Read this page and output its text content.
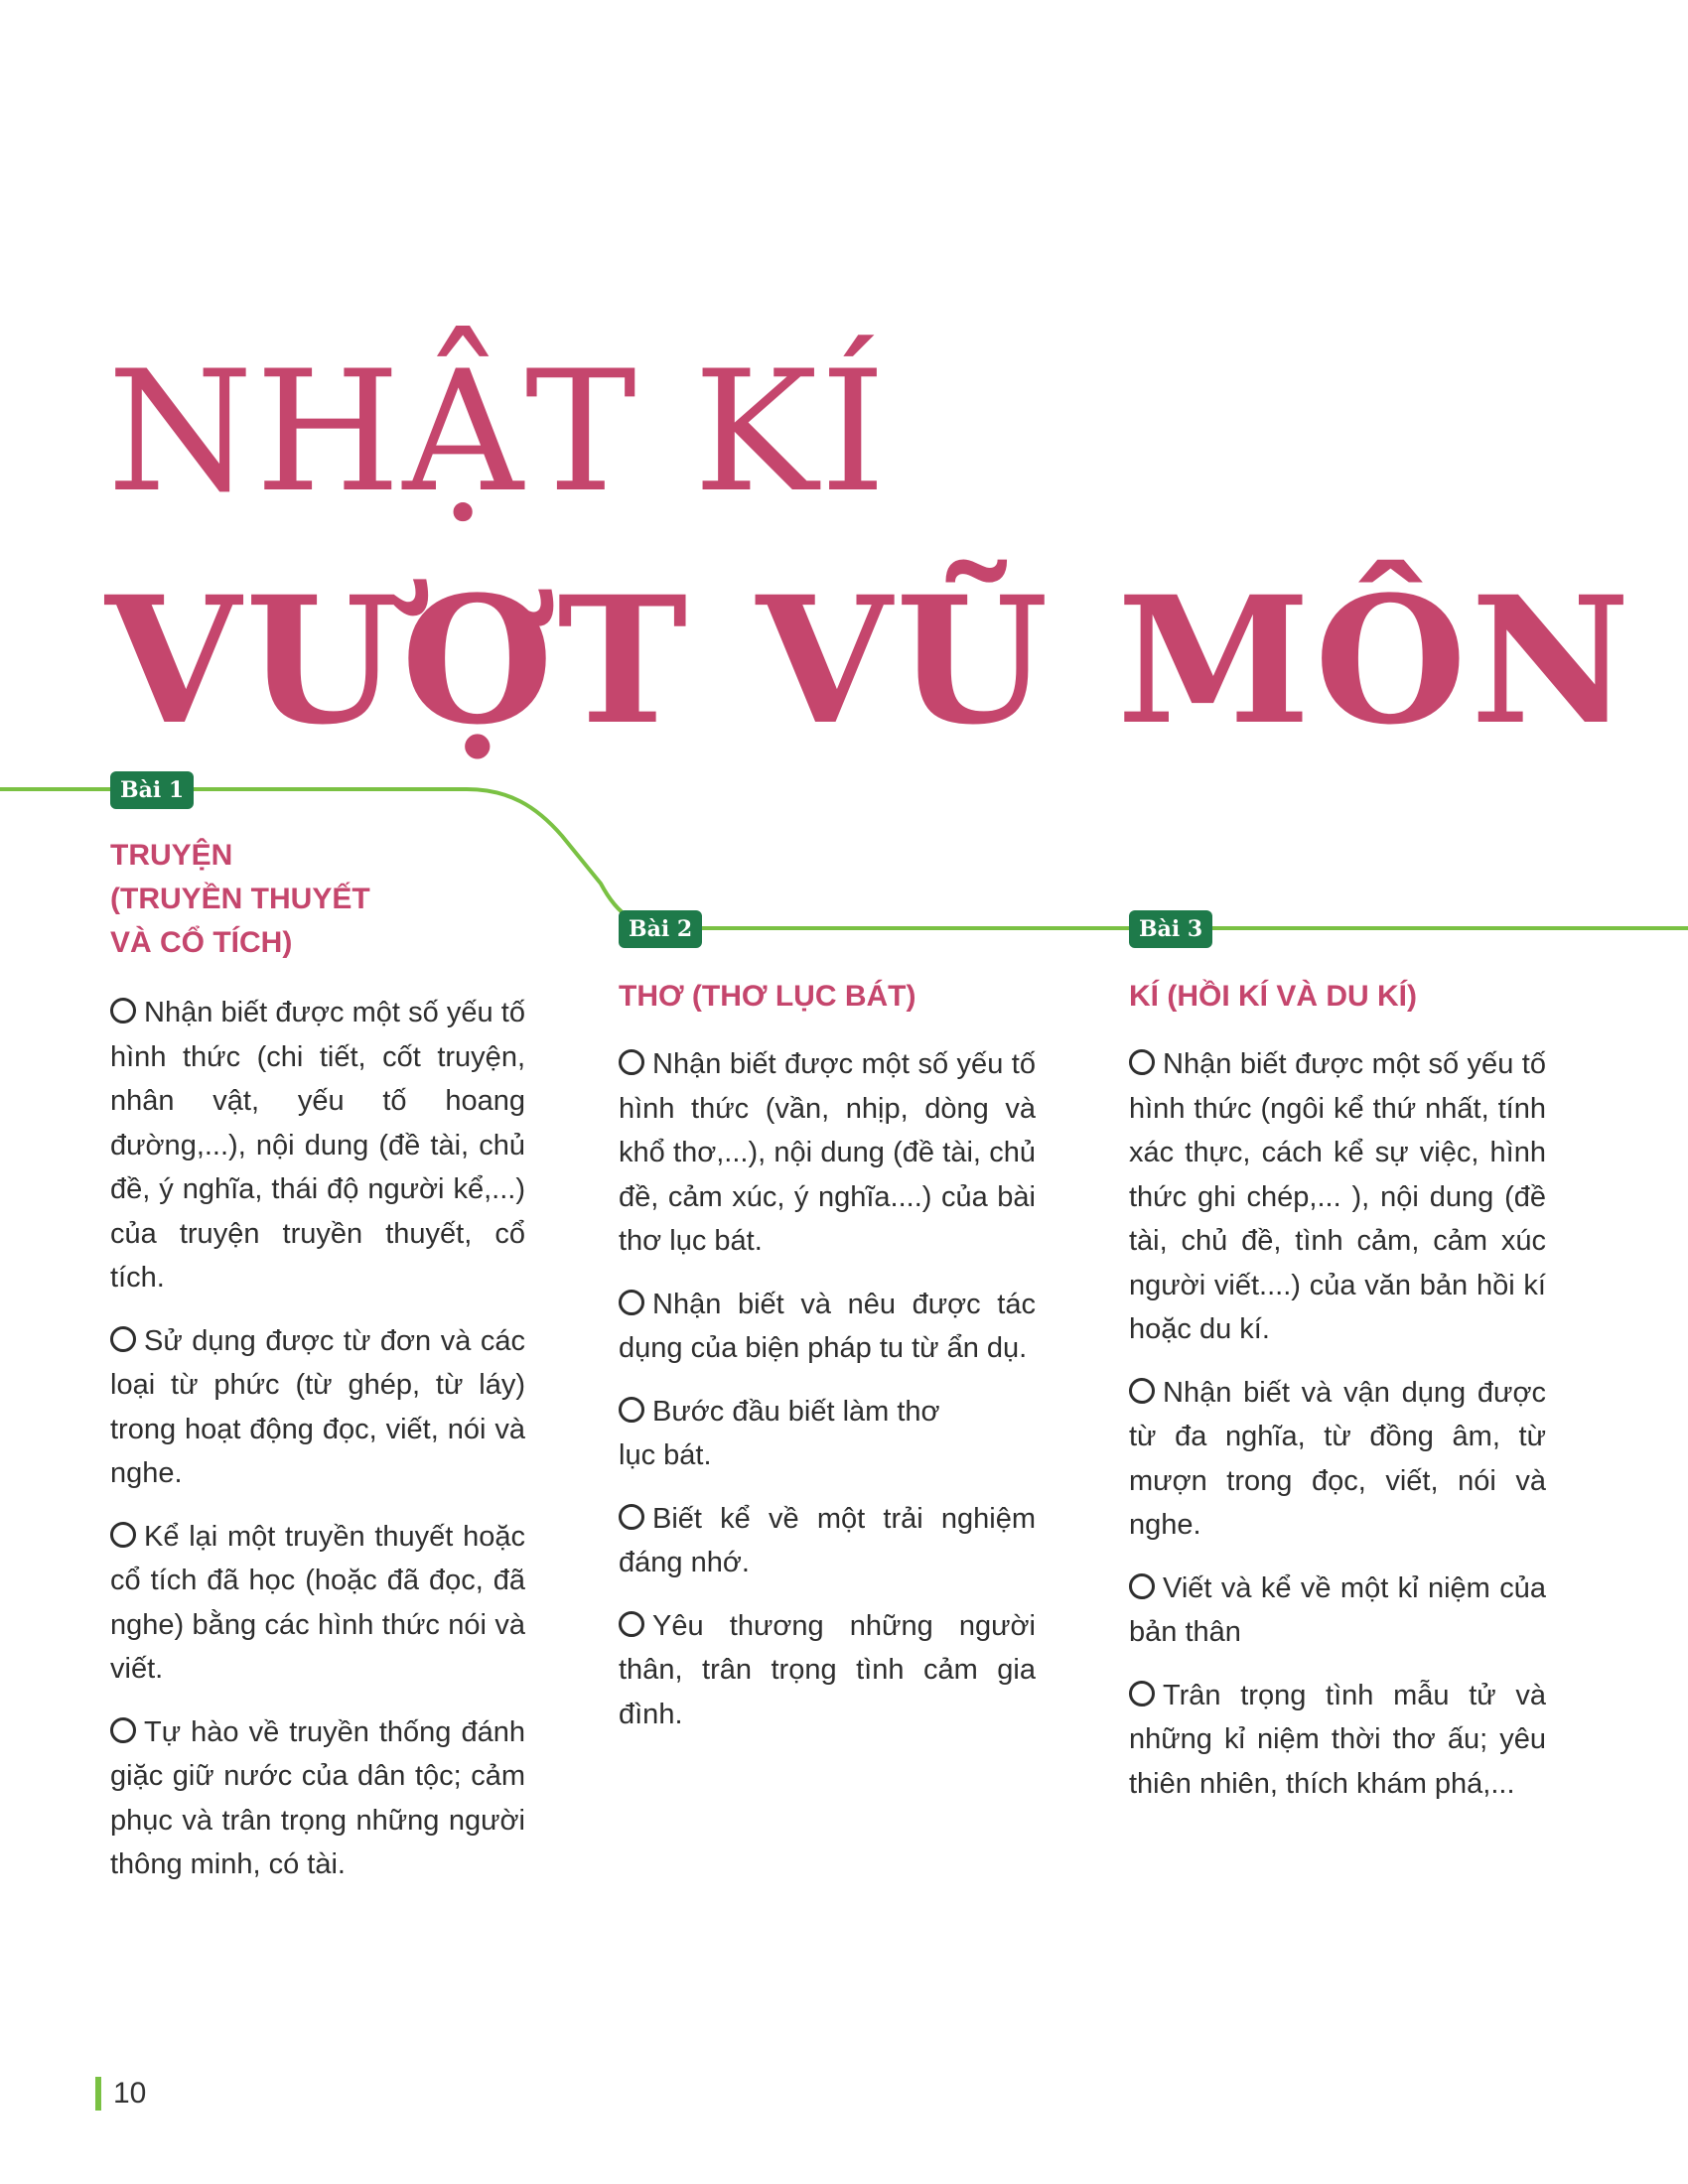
NHẬT KÍ
VƯỢT VŨ MÔN
Bài 1
TRUYỆN
(TRUYỀN THUYẾT
VÀ CỔ TÍCH)
Nhận biết được một số yếu tố hình thức (chi tiết, cốt truyện, nhân vật, yếu tố hoang đường,...), nội dung (đề tài, chủ đề, ý nghĩa, thái độ người kể,...) của truyện truyền thuyết, cổ tích.
Sử dụng được từ đơn và các loại từ phức (từ ghép, từ láy) trong hoạt động đọc, viết, nói và nghe.
Kể lại một truyền thuyết hoặc cổ tích đã học (hoặc đã đọc, đã nghe) bằng các hình thức nói và viết.
Tự hào về truyền thống đánh giặc giữ nước của dân tộc; cảm phục và trân trọng những người thông minh, có tài.
Bài 2
THƠ (THƠ LỤC BÁT)
Nhận biết được một số yếu tố hình thức (vần, nhịp, dòng và khổ thơ,...), nội dung (đề tài, chủ đề, cảm xúc, ý nghĩa....) của bài thơ lục bát.
Nhận biết và nêu được tác dụng của biện pháp tu từ ẩn dụ.
Bước đầu biết làm thơ lục bát.
Biết kể về một trải nghiệm đáng nhớ.
Yêu thương những người thân, trân trọng tình cảm gia đình.
Bài 3
KÍ (HỒI KÍ VÀ DU KÍ)
Nhận biết được một số yếu tố hình thức (ngôi kể thứ nhất, tính xác thực, cách kể sự việc, hình thức ghi chép,... ), nội dung (đề tài, chủ đề, tình cảm, cảm xúc người viết....) của văn bản hồi kí hoặc du kí.
Nhận biết và vận dụng được từ đa nghĩa, từ đồng âm, từ mượn trong đọc, viết, nói và nghe.
Viết và kể về một kỉ niệm của bản thân
Trân trọng tình mẫu tử và những kỉ niệm thời thơ ấu; yêu thiên nhiên, thích khám phá,...
10
